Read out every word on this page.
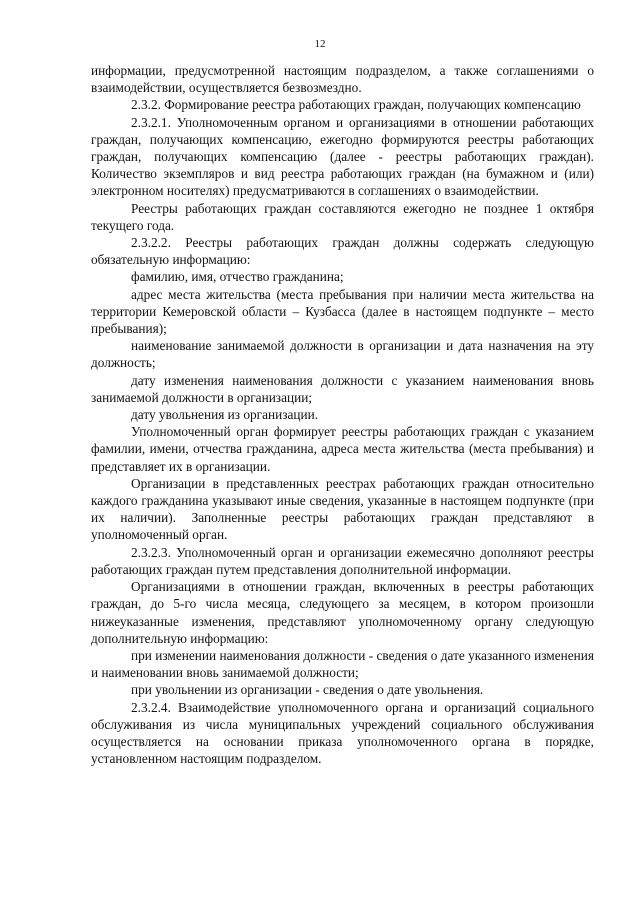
12

информации, предусмотренной настоящим подразделом, а также соглашениями о взаимодействии, осуществляется безвозмездно.

2.3.2. Формирование реестра работающих граждан, получающих компенсацию

2.3.2.1. Уполномоченным органом и организациями в отношении работающих граждан, получающих компенсацию, ежегодно формируются реестры работающих граждан, получающих компенсацию (далее - реестры работающих граждан). Количество экземпляров и вид реестра работающих граждан (на бумажном и (или) электронном носителях) предусматриваются в соглашениях о взаимодействии.

Реестры работающих граждан составляются ежегодно не позднее 1 октября текущего года.

2.3.2.2. Реестры работающих граждан должны содержать следующую обязательную информацию:

фамилию, имя, отчество гражданина;

адрес места жительства (места пребывания при наличии места жительства на территории Кемеровской области – Кузбасса (далее в настоящем подпункте – место пребывания);

наименование занимаемой должности в организации и дата назначения на эту должность;

дату изменения наименования должности с указанием наименования вновь занимаемой должности в организации;

дату увольнения из организации.

Уполномоченный орган формирует реестры работающих граждан с указанием фамилии, имени, отчества гражданина, адреса места жительства (места пребывания) и представляет их в организации.

Организации в представленных реестрах работающих граждан относительно каждого гражданина указывают иные сведения, указанные в настоящем подпункте (при их наличии). Заполненные реестры работающих граждан представляют в уполномоченный орган.

2.3.2.3. Уполномоченный орган и организации ежемесячно дополняют реестры работающих граждан путем представления дополнительной информации.

Организациями в отношении граждан, включенных в реестры работающих граждан, до 5-го числа месяца, следующего за месяцем, в котором произошли нижеуказанные изменения, представляют уполномоченному органу следующую дополнительную информацию:

при изменении наименования должности - сведения о дате указанного изменения и наименовании вновь занимаемой должности;

при увольнении из организации - сведения о дате увольнения.

2.3.2.4. Взаимодействие уполномоченного органа и организаций социального обслуживания из числа муниципальных учреждений социального обслуживания осуществляется на основании приказа уполномоченного органа в порядке, установленном настоящим подразделом.
